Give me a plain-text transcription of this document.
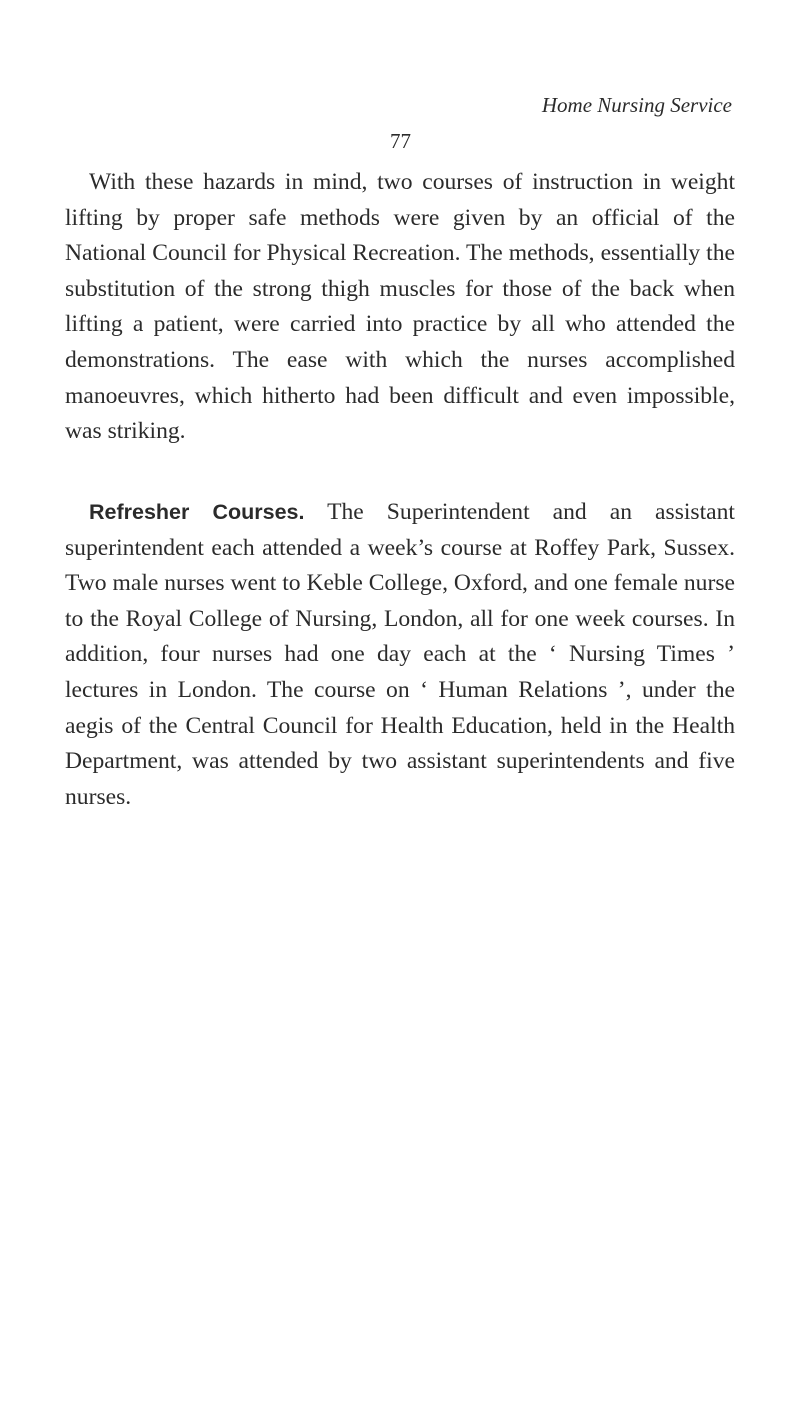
Home Nursing Service
77

With these hazards in mind, two courses of instruction in weight lifting by proper safe methods were given by an official of the National Council for Physical Recreation. The methods, essentially the substitution of the strong thigh muscles for those of the back when lifting a patient, were carried into practice by all who attended the demonstrations. The ease with which the nurses accomplished manoeuvres, which hitherto had been difficult and even impossible, was striking.

Refresher Courses. The Superintendent and an assistant superintendent each attended a week’s course at Roffey Park, Sussex. Two male nurses went to Keble College, Oxford, and one female nurse to the Royal College of Nursing, London, all for one week courses. In addition, four nurses had one day each at the ‘ Nursing Times ’ lectures in London. The course on ‘ Human Relations ’, under the aegis of the Central Council for Health Education, held in the Health Department, was attended by two assistant superintendents and five nurses.
